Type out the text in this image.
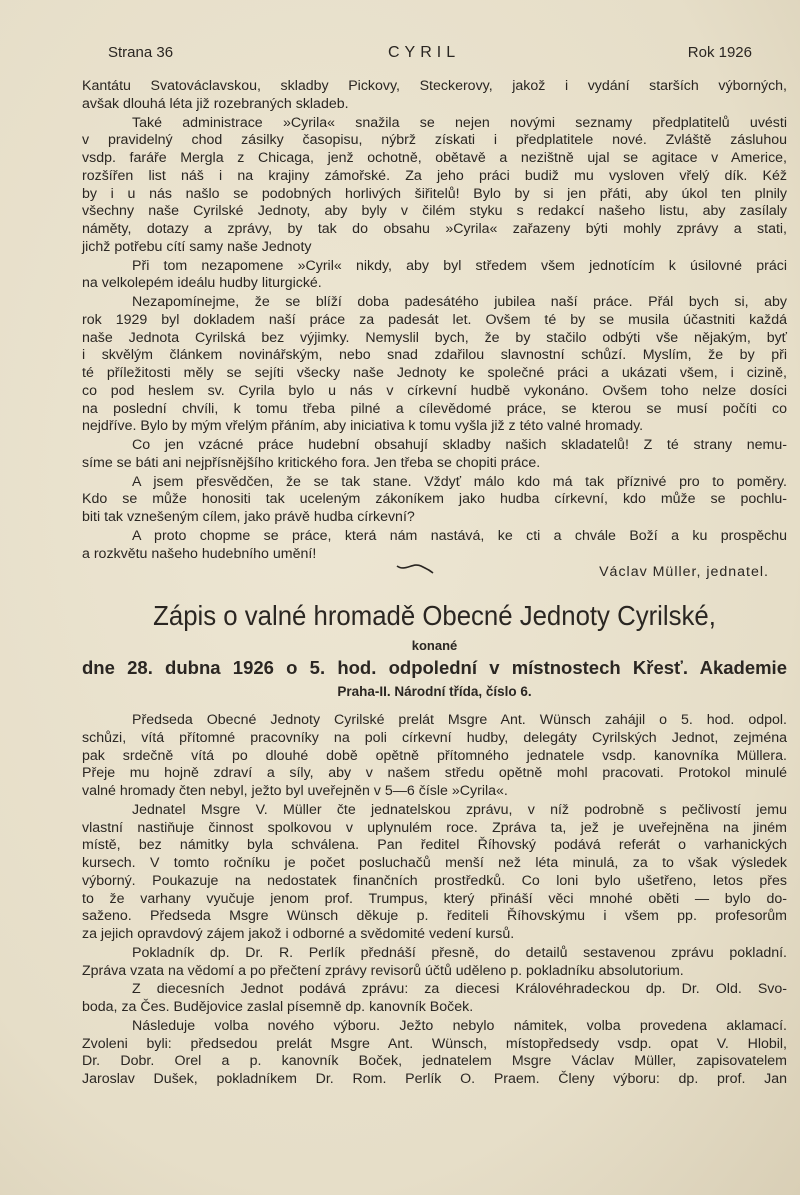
Strana 36	CYRIL	Rok 1926
Kantátu Svatováclavskou, skladby Pickovy, Steckerovy, jakož i vydání starších výborných,
avšak dlouhá léta již rozebraných skladeb.
Také administrace »Cyrila« snažila se nejen novými seznamy předplatitelů uvésti
v pravidelný chod zásilky časopisu, nýbrž získati i předplatitele nové. Zvláště zásluhou
vsdp. faráře Mergla z Chicaga, jenž ochotně, obětavě a nezištně ujal se agitace v Americe,
rozšířen list náš i na krajiny zámořské. Za jeho práci budiž mu vysloven vřelý dík. Kéž
by i u nás našlo se podobných horlivých šiřitelů! Bylo by si jen přáti, aby úkol ten plnily
všechny naše Cyrilské Jednoty, aby byly v čilém styku s redakcí našeho listu, aby zasílaly
náměty, dotazy a zprávy, by tak do obsahu »Cyrila« zařazeny býti mohly zprávy a stati,
jichž potřebu cítí samy naše Jednoty
Při tom nezapomene »Cyril« nikdy, aby byl středem všem jednotícím k úsilovné práci
na velkolepém ideálu hudby liturgické.
Nezapomínejme, že se blíží doba padesátého jubilea naší práce. Přál bych si, aby
rok 1929 byl dokladem naší práce za padesát let. Ovšem té by se musila účastniti každá
naše Jednota Cyrilská bez výjimky. Nemyslil bych, že by stačilo odbýti vše nějakým, byť
i skvělým článkem novinářským, nebo snad zdařilou slavnostní schůzí. Myslím, že by při
té příležitosti měly se sejíti všecky naše Jednoty ke společné práci a ukázati všem, i cizině,
co pod heslem sv. Cyrila bylo u nás v církevní hudbě vykonáno. Ovšem toho nelze dosíci
na poslední chvíli, k tomu třeba pilné a cílevědomé práce, se kterou se musí počíti co
nejdříve. Bylo by mým vřelým přáním, aby iniciativa k tomu vyšla již z této valné hromady.
Co jen vzácné práce hudební obsahují skladby našich skladatelů! Z té strany nemu-
síme se báti ani nejpřísnějšího kritického fora. Jen třeba se chopiti práce.
A jsem přesvědčen, že se tak stane. Vždyť málo kdo má tak příznivé pro to poměry.
Kdo se může honositi tak uceleným zákoníkem jako hudba církevní, kdo může se pochlu-
biti tak vznešeným cílem, jako právě hudba církevní?
A proto chopme se práce, která nám nastává, ke cti a chvále Boží a ku prospěchu
a rozkvětu našeho hudebního umění!
Václav Müller, jednatel.
Zápis o valné hromadě Obecné Jednoty Cyrilské,
konané
dne 28. dubna 1926 o 5. hod. odpolední v místnostech Křesť. Akademie
Praha-II. Národní třída, číslo 6.
Předseda Obecné Jednoty Cyrilské prelát Msgre Ant. Wünsch zahájil o 5. hod. odpol.
schůzi, vítá přítomné pracovníky na poli církevní hudby, delegáty Cyrilských Jednot, zejména
pak srdečně vítá po dlouhé době opětně přítomného jednatele vsdp. kanovníka Müllera.
Přeje mu hojně zdraví a síly, aby v našem středu opětně mohl pracovati. Protokol minulé
valné hromady čten nebyl, ježto byl uveřejněn v 5—6 čísle »Cyrila«.
Jednatel Msgre V. Müller čte jednatelskou zprávu, v níž podrobně s pečlivostí jemu
vlastní nastiňuje činnost spolkovou v uplynulém roce. Zpráva ta, jež je uveřejněna na jiném
místě, bez námitky byla schválena. Pan ředitel Říhovský podává referát o varhanických
kursech. V tomto ročníku je počet posluchačů menší než léta minulá, za to však výsledek
výborný. Poukazuje na nedostatek finančních prostředků. Co loni bylo ušetřeno, letos přes
to že varhany vyučuje jenom prof. Trumpus, který přináší věci mnohé oběti — bylo do-
saženo. Předseda Msgre Wünsch děkuje p. řediteli Říhovskýmu i všem pp. profesorům
za jejich opravdový zájem jakož i odborné a svědomité vedení kursů.
Pokladník dp. Dr. R. Perlík přednáší přesně, do detailů sestavenou zprávu pokladní.
Zpráva vzata na vědomí a po přečtení zprávy revisorů účtů uděleno p. pokladníku absolutorium.
Z diecesních Jednot podává zprávu: za diecesi Královéhradeckou dp. Dr. Old. Svo-
boda, za Čes. Budějovice zaslal písemně dp. kanovník Boček.
Následuje volba nového výboru. Ježto nebylo námitek, volba provedena aklamací.
Zvoleni byli: předsedou prelát Msgre Ant. Wünsch, místopředsedy vsdp. opat V. Hlobil,
Dr. Dobr. Orel a p. kanovník Boček, jednatelem Msgre Václav Müller, zapisovatelem
Jaroslav Dušek, pokladníkem Dr. Rom. Perlík O. Praem. Členy výboru: dp. prof. Jan
